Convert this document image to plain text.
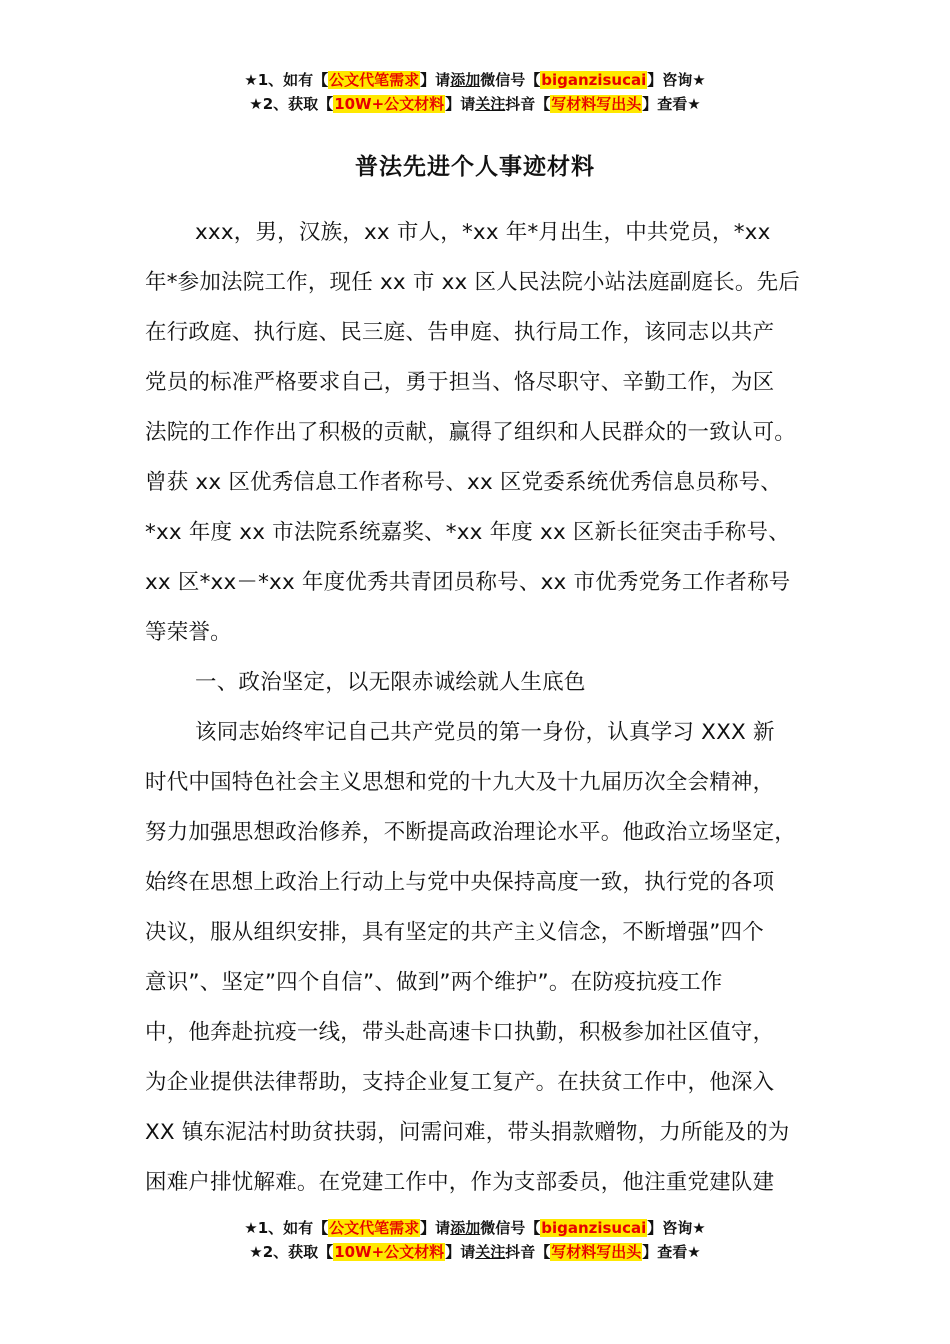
★1、如有【公文代笔需求】请添加微信号【biganzisucai】咨询★
★2、获取【10W+公文材料】请关注抖音【写材料写出头】查看★
普法先进个人事迹材料
xxx，男，汉族，xx 市人，*xx 年*月出生，中共党员，*xx
年*参加法院工作，现任 xx 市 xx 区人民法院小站法庭副庭长。先后
在行政庭、执行庭、民三庭、告申庭、执行局工作，该同志以共产
党员的标准严格要求自己，勇于担当、恪尽职守、辛勤工作，为区
法院的工作作出了积极的贡献，赢得了组织和人民群众的一致认可。
曾获 xx 区优秀信息工作者称号、xx 区党委系统优秀信息员称号、
*xx 年度 xx 市法院系统嘉奖、*xx 年度 xx 区新长征突击手称号、
xx 区*xx－*xx 年度优秀共青团员称号、xx 市优秀党务工作者称号
等荣誉。
一、政治坚定，以无限赤诚绘就人生底色
该同志始终牢记自己共产党员的第一身份，认真学习 XXX 新
时代中国特色社会主义思想和党的十九大及十九届历次全会精神，
努力加强思想政治修养，不断提高政治理论水平。他政治立场坚定，
始终在思想上政治上行动上与党中央保持高度一致，执行党的各项
决议，服从组织安排，具有坚定的共产主义信念，不断增强”四个
意识”、坚定”四个自信”、做到”两个维护”。在防疫抗疫工作
中，他奔赴抗疫一线，带头赴高速卡口执勤，积极参加社区值守，
为企业提供法律帮助，支持企业复工复产。在扶贫工作中，他深入
XX 镇东泥沽村助贫扶弱，问需问难，带头捐款赠物，力所能及的为
困难户排忧解难。在党建工作中，作为支部委员，他注重党建队建
★1、如有【公文代笔需求】请添加微信号【biganzisucai】咨询★
★2、获取【10W+公文材料】请关注抖音【写材料写出头】查看★
